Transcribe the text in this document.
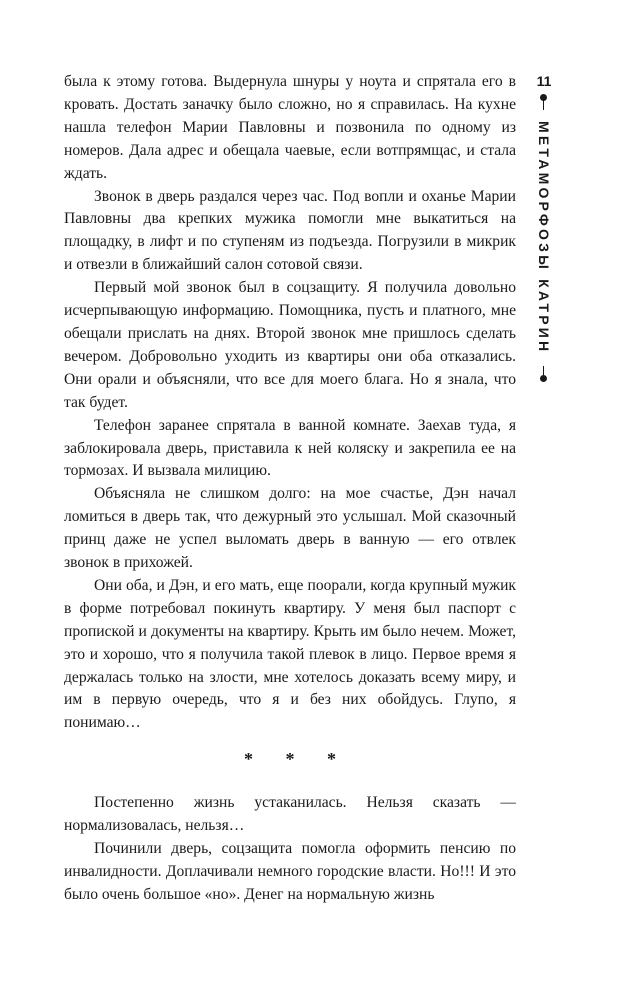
11
МЕТАМОРФОЗЫ КАТРИН

была к этому готова. Выдернула шнуры у ноута и спрятала его в кровать. Достать заначку было сложно, но я справилась. На кухне нашла телефон Марии Павловны и позвонила по одному из номеров. Дала адрес и обещала чаевые, если вотпрямщас, и стала ждать.

Звонок в дверь раздался через час. Под вопли и оханье Марии Павловны два крепких мужика помогли мне выкатиться на площадку, в лифт и по ступеням из подъезда. Погрузили в микрик и отвезли в ближайший салон сотовой связи.

Первый мой звонок был в соцзащиту. Я получила довольно исчерпывающую информацию. Помощника, пусть и платного, мне обещали прислать на днях. Второй звонок мне пришлось сделать вечером. Добровольно уходить из квартиры они оба отказались. Они орали и объясняли, что все для моего блага. Но я знала, что так будет.

Телефон заранее спрятала в ванной комнате. Заехав туда, я заблокировала дверь, приставила к ней коляску и закрепила ее на тормозах. И вызвала милицию.

Объясняла не слишком долго: на мое счастье, Дэн начал ломиться в дверь так, что дежурный это услышал. Мой сказочный принц даже не успел выломать дверь в ванную — его отвлек звонок в прихожей.

Они оба, и Дэн, и его мать, еще поорали, когда крупный мужик в форме потребовал покинуть квартиру. У меня был паспорт с пропиской и документы на квартиру. Крыть им было нечем. Может, это и хорошо, что я получила такой плевок в лицо. Первое время я держалась только на злости, мне хотелось доказать всему миру, и им в первую очередь, что я и без них обойдусь. Глупо, я понимаю…

* * *

Постепенно жизнь устаканилась. Нельзя сказать — нормализовалась, нельзя…

Починили дверь, соцзащита помогла оформить пенсию по инвалидности. Доплачивали немного городские власти. Но!!! И это было очень большое «но». Денег на нормальную жизнь
